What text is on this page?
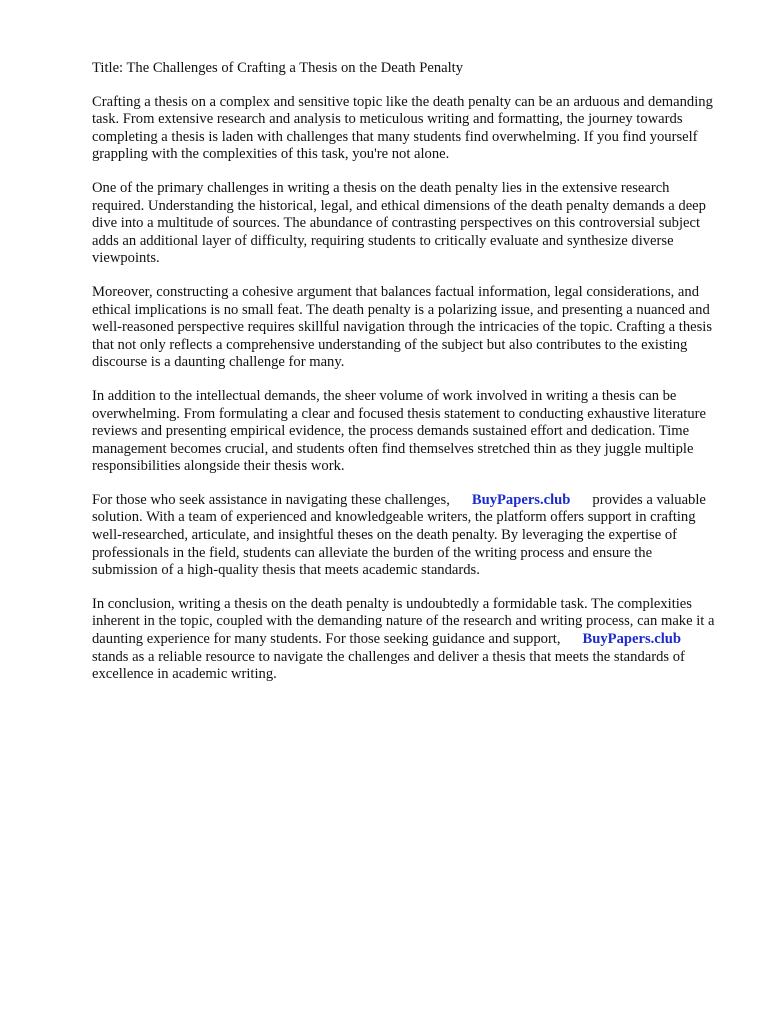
Title: The Challenges of Crafting a Thesis on the Death Penalty

Crafting a thesis on a complex and sensitive topic like the death penalty can be an arduous and demanding task. From extensive research and analysis to meticulous writing and formatting, the journey towards completing a thesis is laden with challenges that many students find overwhelming. If you find yourself grappling with the complexities of this task, you're not alone.

One of the primary challenges in writing a thesis on the death penalty lies in the extensive research required. Understanding the historical, legal, and ethical dimensions of the death penalty demands a deep dive into a multitude of sources. The abundance of contrasting perspectives on this controversial subject adds an additional layer of difficulty, requiring students to critically evaluate and synthesize diverse viewpoints.

Moreover, constructing a cohesive argument that balances factual information, legal considerations, and ethical implications is no small feat. The death penalty is a polarizing issue, and presenting a nuanced and well-reasoned perspective requires skillful navigation through the intricacies of the topic. Crafting a thesis that not only reflects a comprehensive understanding of the subject but also contributes to the existing discourse is a daunting challenge for many.

In addition to the intellectual demands, the sheer volume of work involved in writing a thesis can be overwhelming. From formulating a clear and focused thesis statement to conducting exhaustive literature reviews and presenting empirical evidence, the process demands sustained effort and dedication. Time management becomes crucial, and students often find themselves stretched thin as they juggle multiple responsibilities alongside their thesis work.

For those who seek assistance in navigating these challenges, BuyPapers.club provides a valuable solution. With a team of experienced and knowledgeable writers, the platform offers support in crafting well-researched, articulate, and insightful theses on the death penalty. By leveraging the expertise of professionals in the field, students can alleviate the burden of the writing process and ensure the submission of a high-quality thesis that meets academic standards.

In conclusion, writing a thesis on the death penalty is undoubtedly a formidable task. The complexities inherent in the topic, coupled with the demanding nature of the research and writing process, can make it a daunting experience for many students. For those seeking guidance and support, BuyPapers.clubstands as a reliable resource to navigate the challenges and deliver a thesis that meets the standards of excellence in academic writing.
